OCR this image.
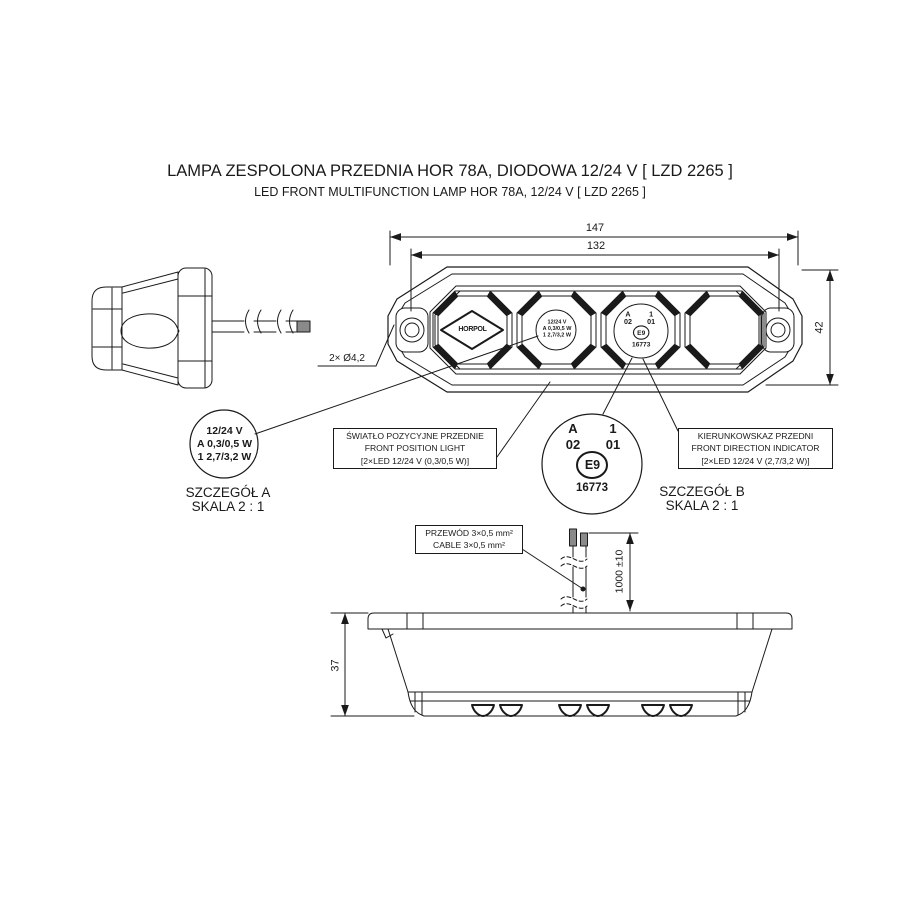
LAMPA ZESPOLONA PRZEDNIA HOR 78A, DIODOWA 12/24 V [ LZD 2265 ]
LED FRONT MULTIFUNCTION LAMP HOR 78A, 12/24 V [ LZD 2265 ]
147
132
42
37
1000 ±10
2× Ø4,2
ŚWIATŁO POZYCYJNE PRZEDNIE
FRONT POSITION LIGHT
[2×LED 12/24 V (0,3/0,5 W)]
KIERUNKOWSKAZ PRZEDNI
FRONT DIRECTION INDICATOR
[2×LED 12/24 V (2,7/3,2 W)]
PRZEWÓD 3×0,5 mm²
CABLE 3×0,5 mm²
12/24 V
A 0,3/0,5 W
1 2,7/3,2 W
SZCZEGÓŁ A
SKALA 2 : 1
A	1
02	01
E9
16773	SZCZEGÓŁ B
SKALA 2 : 1
HORPOL
12/24 V
A 0,3/0,5 W
1 2,7/3,2 W
A 1
02 01
E9
16773
